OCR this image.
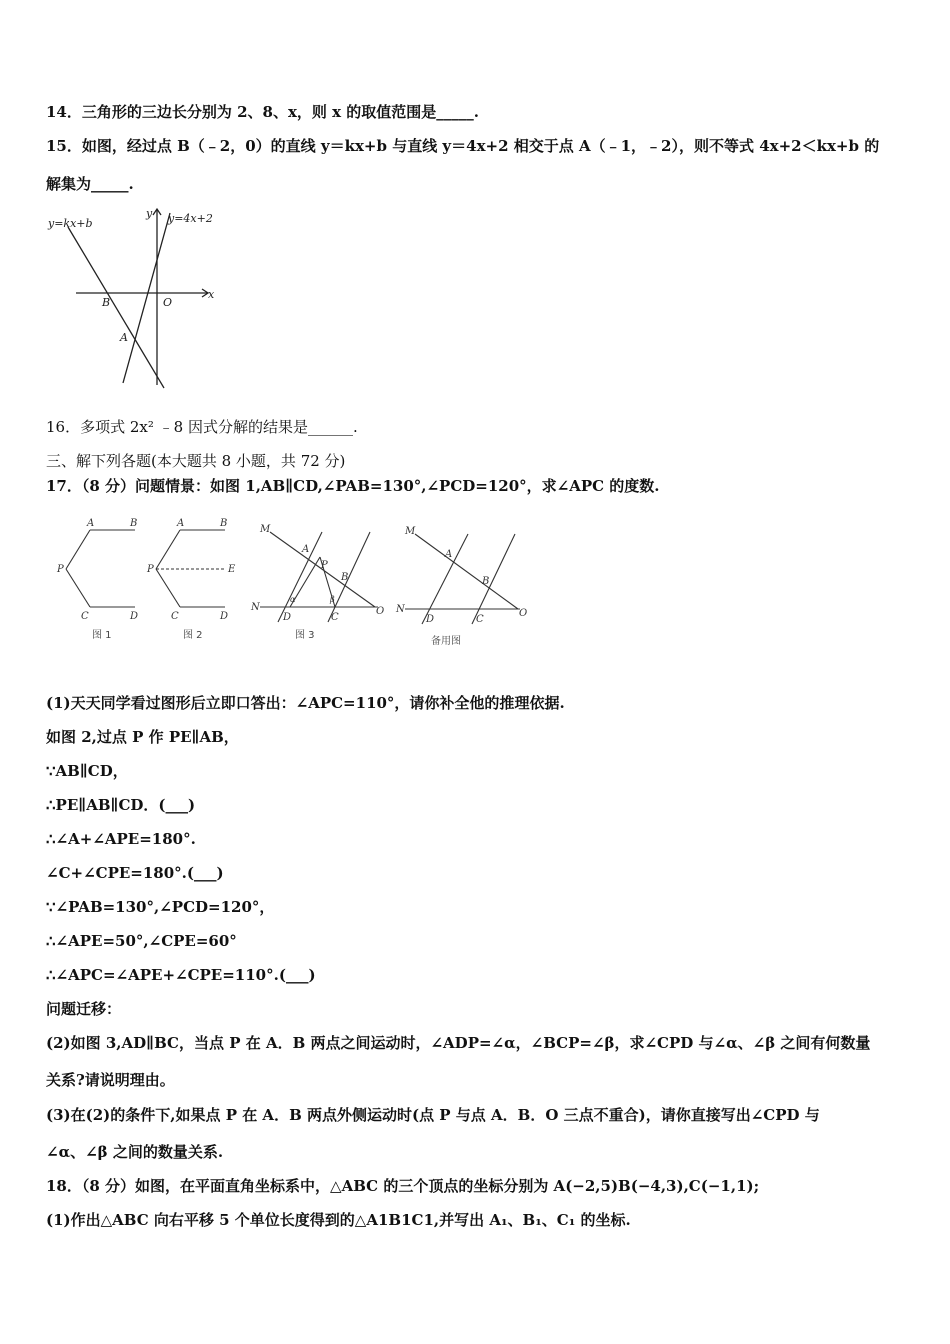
14．三角形的三边长分别为 2、8、x，则 x 的取值范围是_____.
15．如图，经过点 B（﹣2，0）的直线 y＝kx+b 与直线 y＝4x+2 相交于点 A（﹣1，﹣2），则不等式 4x+2＜kx+b 的
解集为_____.
y=kx+b	y=4x+2
x
y
B	O
A
16．多项式 2x² ﹣8 因式分解的结果是______.
三、解下列各题(本大题共 8 小题，共 72 分)
17．（8 分）问题情景：如图 1,AB∥CD,∠PAB=130°,∠PCD=120°，求∠APC 的度数.
A	B
P
C	D
图 1
A	B
P	E
C	D
图 2
M
A
P
B
α	β
N	O
D	C
图 3
M
A
B
N	O
D	C
备用图
(1)天天同学看过图形后立即口答出：∠APC=110°，请你补全他的推理依据.
如图 2,过点 P 作 PE∥AB，
∵AB∥CD，
∴PE∥AB∥CD．(___)
∴∠A+∠APE=180°.
∠C+∠CPE=180°.(___)
∵∠PAB=130°,∠PCD=120°，
∴∠APE=50°,∠CPE=60°
∴∠APC=∠APE+∠CPE=110°.(___)
问题迁移：
(2)如图 3,AD∥BC，当点 P 在 A．B 两点之间运动时，∠ADP=∠α，∠BCP=∠β，求∠CPD 与∠α、∠β 之间有何数量
关系?请说明理由。
(3)在(2)的条件下,如果点 P 在 A．B 两点外侧运动时(点 P 与点 A．B．O 三点不重合)，请你直接写出∠CPD 与
∠α、∠β 之间的数量关系.
18．（8 分）如图，在平面直角坐标系中，△ABC 的三个顶点的坐标分别为 A(−2,5)B(−4,3),C(−1,1);
(1)作出△ABC 向右平移 5 个单位长度得到的△A1B1C1,并写出 A₁、B₁、C₁ 的坐标.
